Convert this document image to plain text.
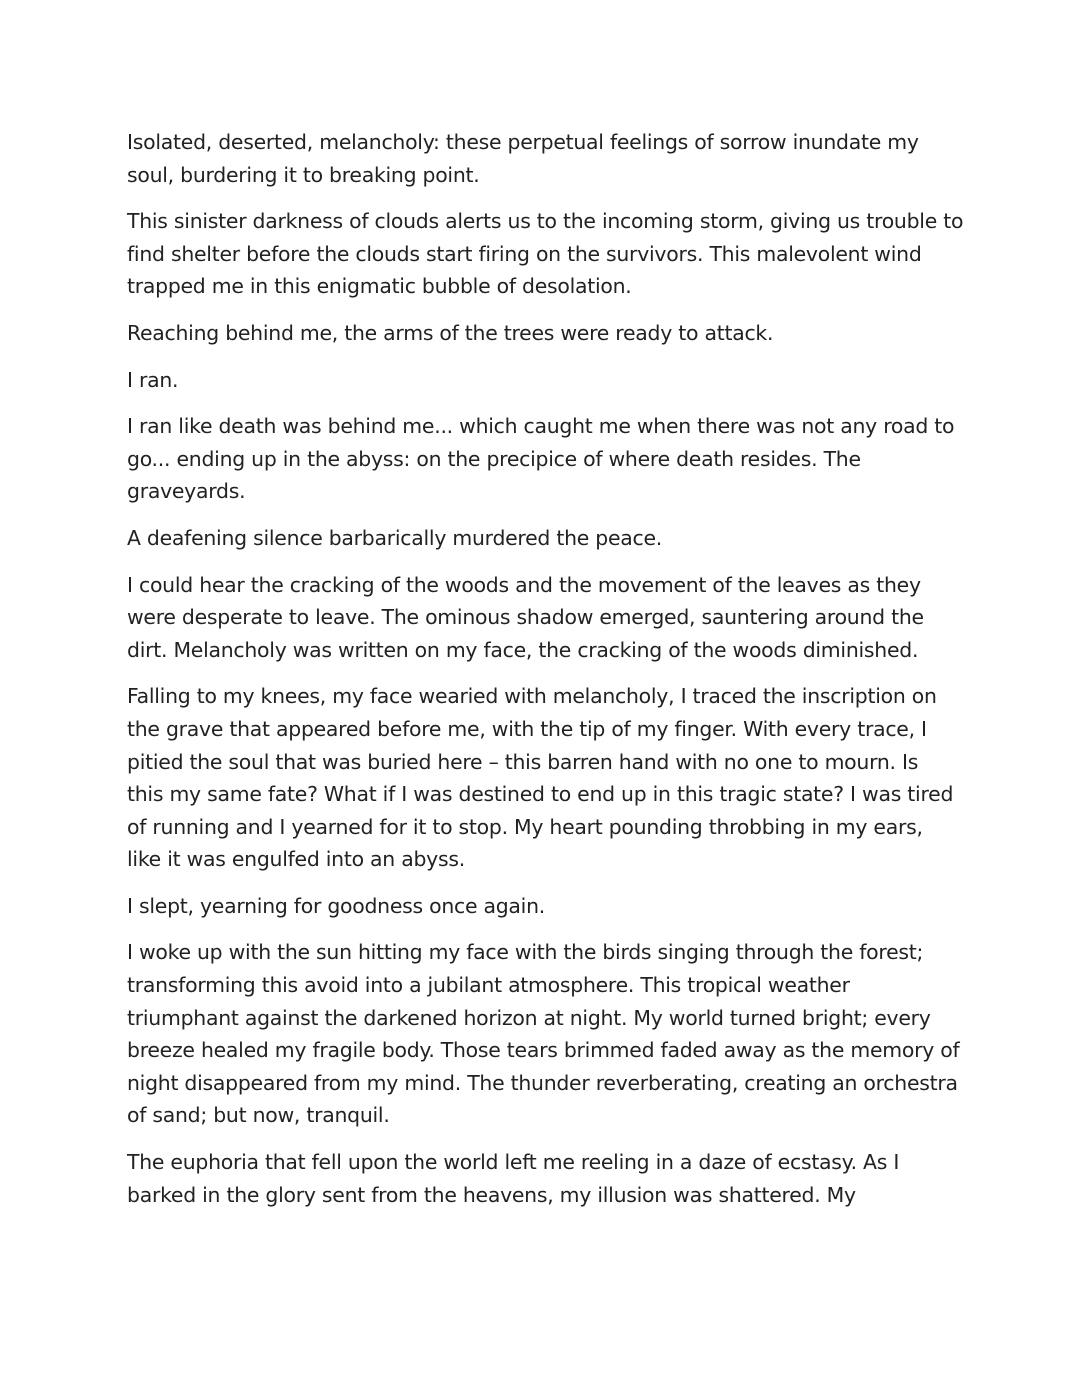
Isolated, deserted, melancholy: these perpetual feelings of sorrow inundate my
soul, burdering it to breaking point.
This sinister darkness of clouds alerts us to the incoming storm, giving us trouble to
find shelter before the clouds start firing on the survivors. This malevolent wind
trapped me in this enigmatic bubble of desolation.
Reaching behind me, the arms of the trees were ready to attack.
I ran.
I ran like death was behind me... which caught me when there was not any road to
go... ending up in the abyss: on the precipice of where death resides. The
graveyards.
A deafening silence barbarically murdered the peace.
I could hear the cracking of the woods and the movement of the leaves as they
were desperate to leave. The ominous shadow emerged, sauntering around the
dirt. Melancholy was written on my face, the cracking of the woods diminished.
Falling to my knees, my face wearied with melancholy, I traced the inscription on
the grave that appeared before me, with the tip of my finger. With every trace, I
pitied the soul that was buried here – this barren hand with no one to mourn. Is
this my same fate? What if I was destined to end up in this tragic state? I was tired
of running and I yearned for it to stop. My heart pounding throbbing in my ears,
like it was engulfed into an abyss.
I slept, yearning for goodness once again.
I woke up with the sun hitting my face with the birds singing through the forest;
transforming this avoid into a jubilant atmosphere. This tropical weather
triumphant against the darkened horizon at night. My world turned bright; every
breeze healed my fragile body. Those tears brimmed faded away as the memory of
night disappeared from my mind. The thunder reverberating, creating an orchestra
of sand; but now, tranquil.
The euphoria that fell upon the world left me reeling in a daze of ecstasy. As I
barked in the glory sent from the heavens, my illusion was shattered. My
